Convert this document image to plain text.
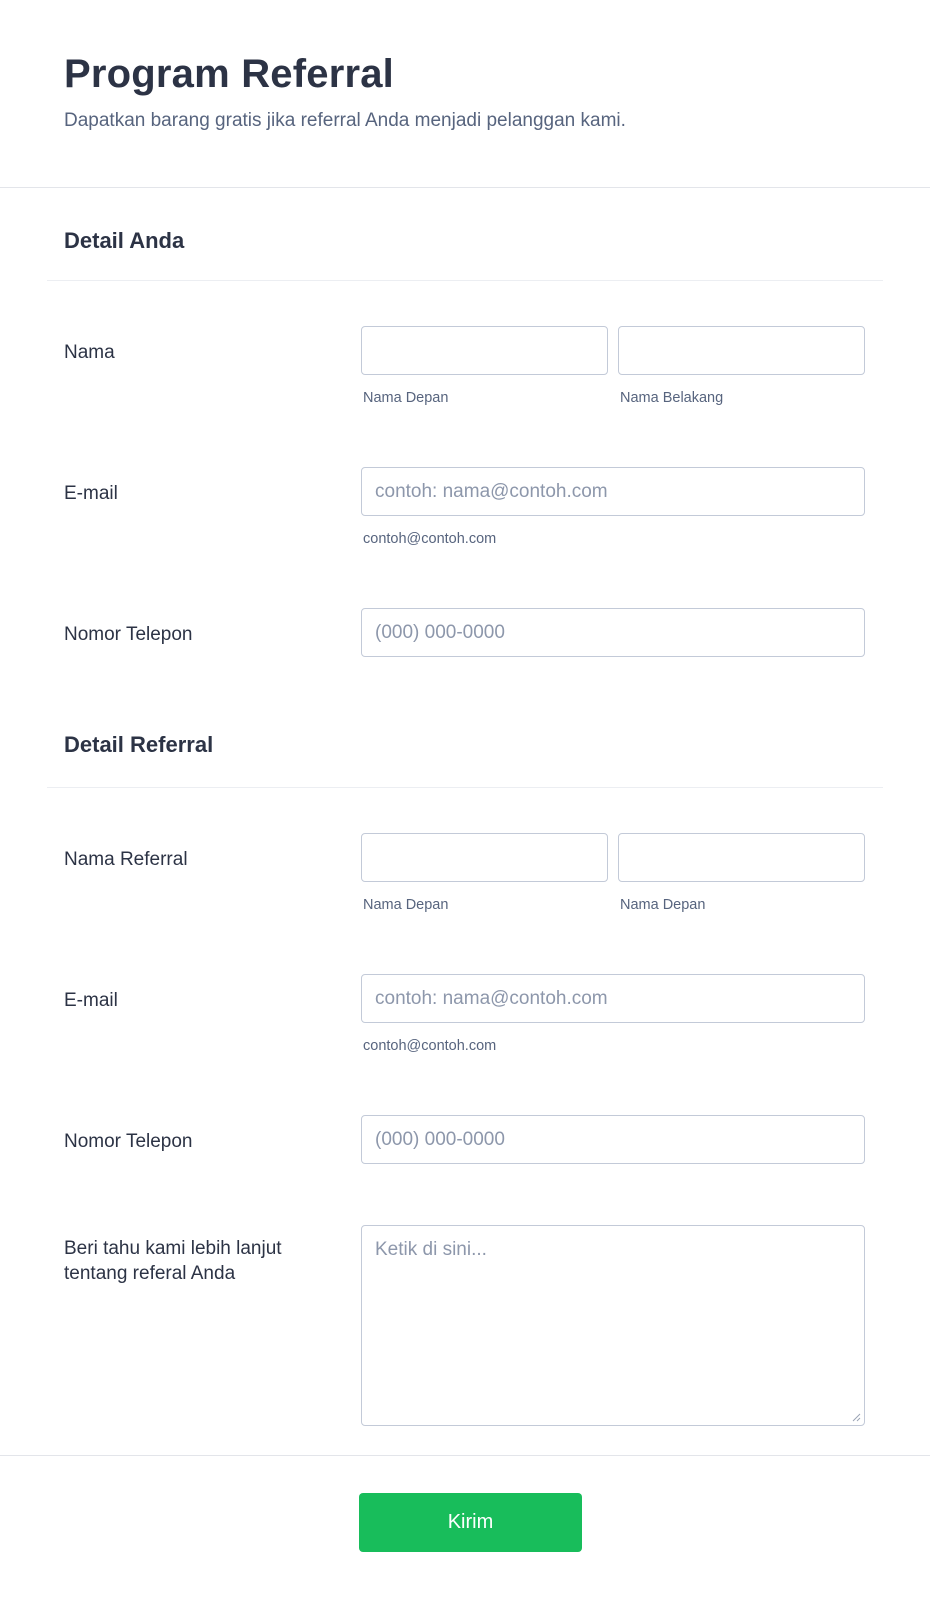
Program Referral

Dapatkan barang gratis jika referral Anda menjadi pelanggan kami.

Detail Anda
Nama
Nama Depan	Nama Belakang
E-mail
contoh: nama@contoh.com
contoh@contoh.com
Nomor Telepon
(000) 000-0000
Detail Referral
Nama Referral
Nama Depan	Nama Depan
E-mail
contoh: nama@contoh.com
contoh@contoh.com
Nomor Telepon
(000) 000-0000
Beri tahu kami lebih lanjut tentang referal Anda
Ketik di sini...
Kirim
